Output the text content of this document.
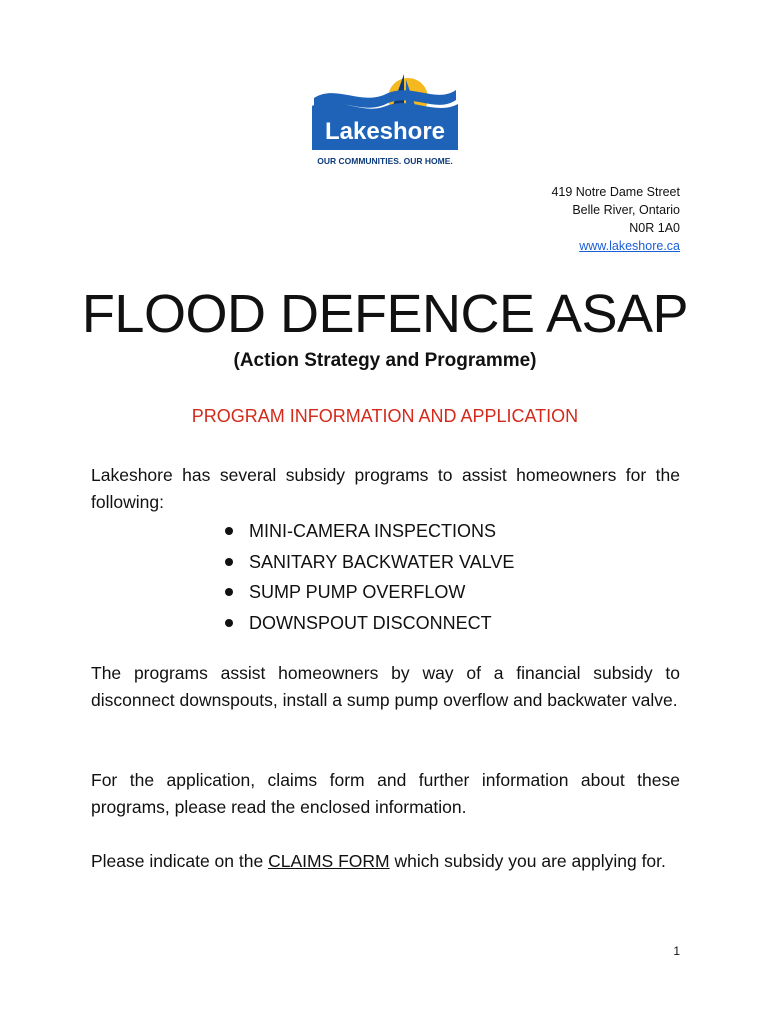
Lakeshore
OUR COMMUNITIES. OUR HOME.
419 Notre Dame Street
Belle River, Ontario
N0R 1A0
www.lakeshore.ca
FLOOD DEFENCE ASAP
(Action Strategy and Programme)
PROGRAM INFORMATION AND APPLICATION

Lakeshore has several subsidy programs to assist homeowners for the following:

MINI-CAMERA INSPECTIONS
SANITARY BACKWATER VALVE
SUMP PUMP OVERFLOW
DOWNSPOUT DISCONNECT

The programs assist homeowners by way of a financial subsidy to disconnect downspouts, install a sump pump overflow and backwater valve.

For the application, claims form and further information about these programs, please read the enclosed information.

Please indicate on the CLAIMS FORM which subsidy you are applying for.

1
